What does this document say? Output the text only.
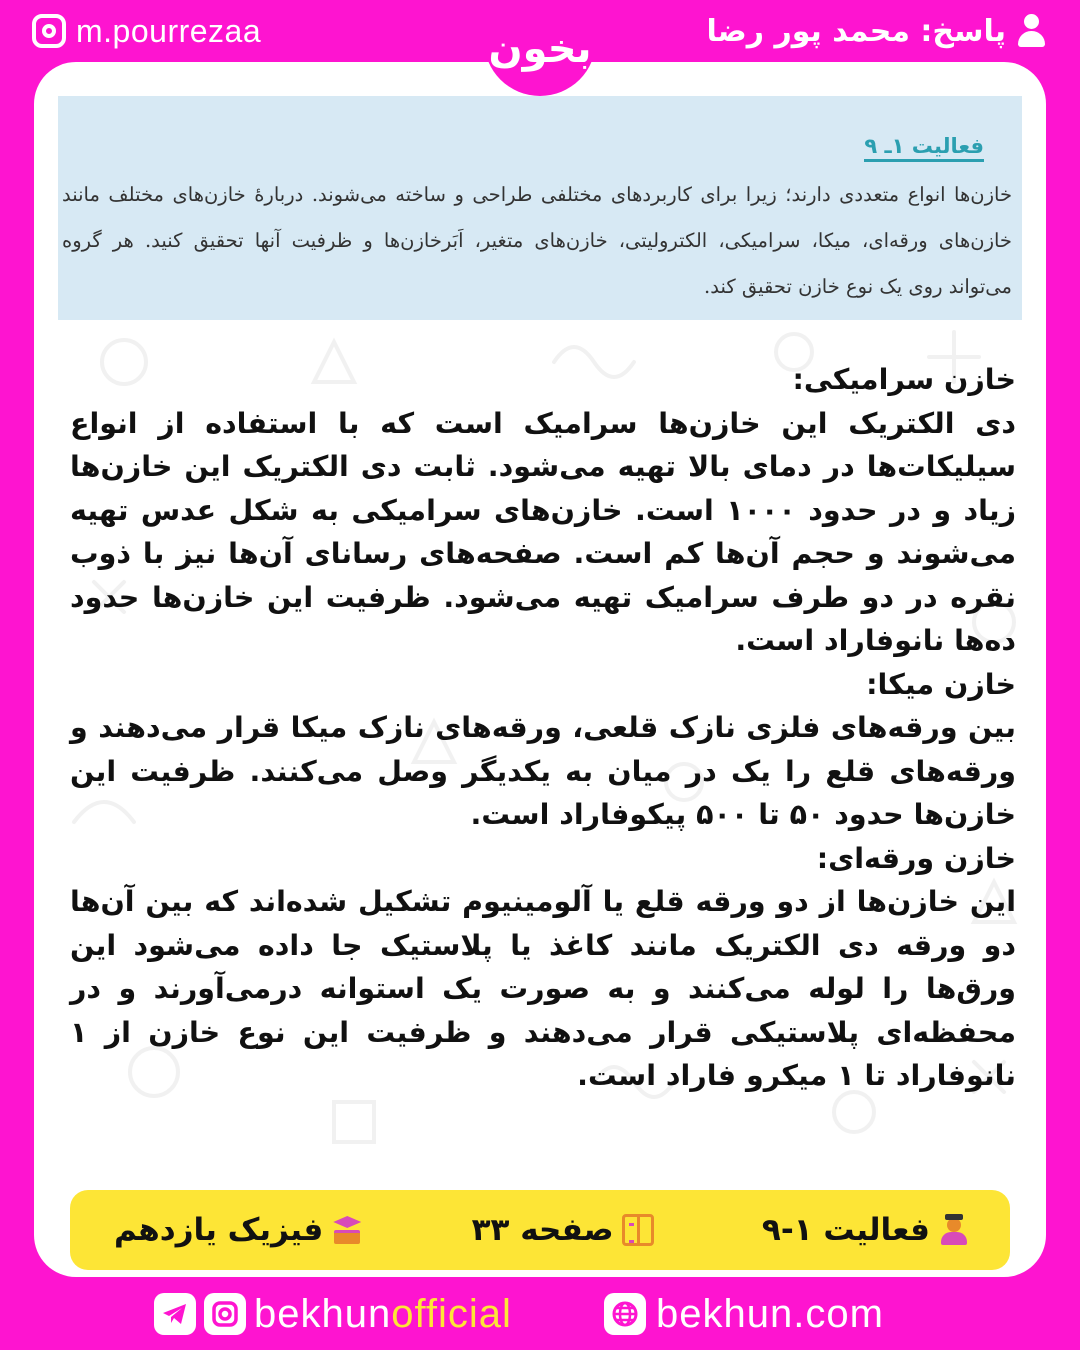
m.pourrezaa	پاسخ: محمد پور رضا
بخون
فعالیت ۱ـ ۹
خازن‌ها انواع متعددی دارند؛ زیرا برای کاربردهای مختلفی طراحی و ساخته می‌شوند. دربارهٔ خازن‌های مختلف مانند خازن‌های ورقه‌ای، میکا، سرامیکی، الکترولیتی، خازن‌های متغیر، اَبَرخازن‌ها و ظرفیت آنها تحقیق کنید. هر گروه می‌تواند روی یک نوع خازن تحقیق کند.

خازن سرامیکی:

دی الکتریک این خازن‌ها سرامیک است که با استفاده از انواع سیلیکات‌ها در دمای بالا تهیه می‌شود. ثابت دی الکتریک این خازن‌ها زیاد و در حدود ۱۰۰۰ است. خازن‌های سرامیکی به شکل عدس تهیه می‌شوند و حجم آن‌ها کم است. صفحه‌های رسانای آن‌ها نیز با ذوب نقره در دو طرف سرامیک تهیه می‌شود. ظرفیت این خازن‌ها حدود ده‌ها نانوفاراد است.

خازن میکا:

بین ورقه‌های فلزی نازک قلعی، ورقه‌های نازک میکا قرار می‌دهند و ورقه‌های قلع را یک در میان به یکدیگر وصل می‌کنند. ظرفیت این خازن‌ها حدود ۵۰ تا ۵۰۰ پیکوفاراد است.

خازن ورقه‌ای:

این خازن‌ها از دو ورقه قلع یا آلومینیوم تشکیل شده‌اند که بین آن‌ها دو ورقه دی الکتریک مانند کاغذ یا پلاستیک جا داده می‌شود این ورق‌ها را لوله می‌کنند و به صورت یک استوانه درمی‌آورند و در محفظه‌ای پلاستیکی قرار می‌دهند و ظرفیت این نوع خازن از ۱ نانوفاراد تا ۱ میکرو فاراد است.

فیزیک یازدهم	صفحه ۳۳	فعالیت ۱-۹
bekhunofficial	bekhun.com
